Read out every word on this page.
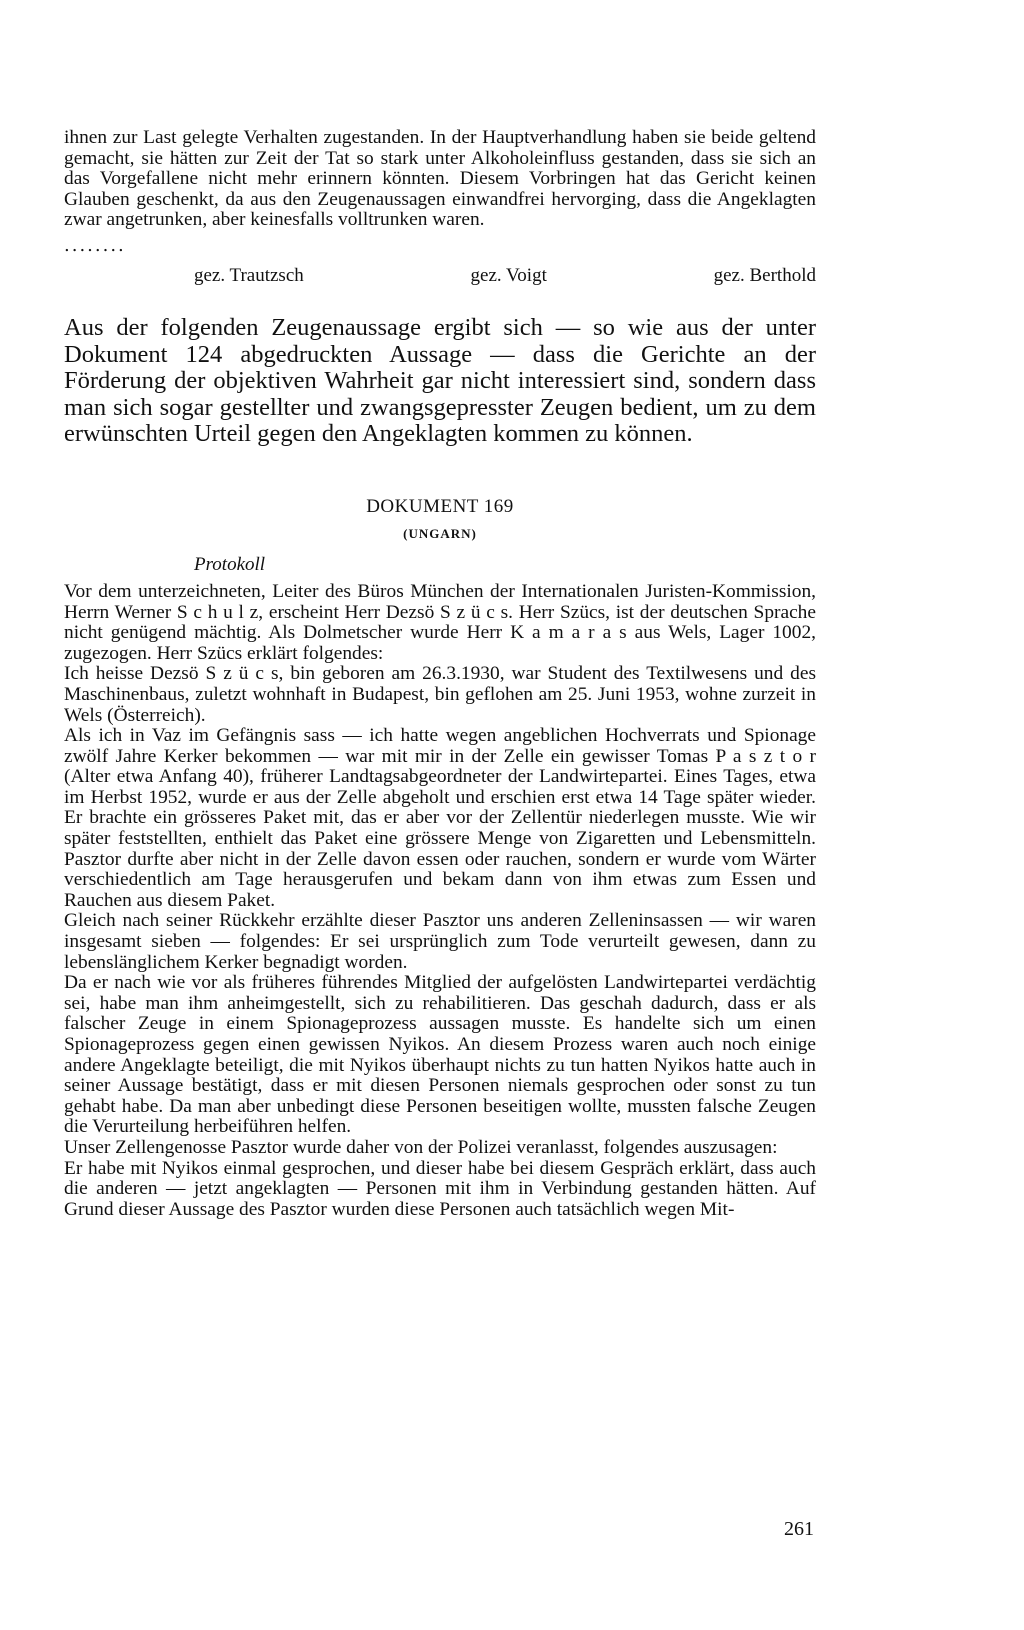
ihnen zur Last gelegte Verhalten zugestanden. In der Hauptverhandlung haben sie beide geltend gemacht, sie hätten zur Zeit der Tat so stark unter Alkoholeinfluss gestanden, dass sie sich an das Vorgefallene nicht mehr erinnern könnten. Diesem Vorbringen hat das Gericht keinen Glauben geschenkt, da aus den Zeugenaussagen einwandfrei hervorging, dass die Angeklagten zwar angetrunken, aber keinesfalls volltrunken waren.

........
gez. Trautzsch	gez. Voigt	gez. Berthold
Aus der folgenden Zeugenaussage ergibt sich — so wie aus der unter Dokument 124 abgedruckten Aussage — dass die Gerichte an der Förderung der objektiven Wahrheit gar nicht interessiert sind, sondern dass man sich sogar gestellter und zwangsgepresster Zeugen bedient, um zu dem erwünschten Urteil gegen den Angeklagten kommen zu können.
DOKUMENT 169
(UNGARN)
Protokoll

Vor dem unterzeichneten, Leiter des Büros München der Internationalen Juristen-Kommission, Herrn Werner S c h u l z, erscheint Herr Dezsö S z ü c s. Herr Szücs, ist der deutschen Sprache nicht genügend mächtig. Als Dolmetscher wurde Herr K a m a r a s aus Wels, Lager 1002, zugezogen. Herr Szücs erklärt folgendes:

Ich heisse Dezsö S z ü c s, bin geboren am 26.3.1930, war Student des Textilwesens und des Maschinenbaus, zuletzt wohnhaft in Budapest, bin geflohen am 25. Juni 1953, wohne zurzeit in Wels (Österreich).

Als ich in Vaz im Gefängnis sass — ich hatte wegen angeblichen Hochverrats und Spionage zwölf Jahre Kerker bekommen — war mit mir in der Zelle ein gewisser Tomas P a s z t o r (Alter etwa Anfang 40), früherer Landtagsabgeordneter der Landwirtepartei. Eines Tages, etwa im Herbst 1952, wurde er aus der Zelle abgeholt und erschien erst etwa 14 Tage später wieder. Er brachte ein grösseres Paket mit, das er aber vor der Zellentür niederlegen musste. Wie wir später feststellten, enthielt das Paket eine grössere Menge von Zigaretten und Lebensmitteln. Pasztor durfte aber nicht in der Zelle davon essen oder rauchen, sondern er wurde vom Wärter verschiedentlich am Tage herausgerufen und bekam dann von ihm etwas zum Essen und Rauchen aus diesem Paket.

Gleich nach seiner Rückkehr erzählte dieser Pasztor uns anderen Zelleninsassen — wir waren insgesamt sieben — folgendes: Er sei ursprünglich zum Tode verurteilt gewesen, dann zu lebenslänglichem Kerker begnadigt worden.

Da er nach wie vor als früheres führendes Mitglied der aufgelösten Landwirtepartei verdächtig sei, habe man ihm anheimgestellt, sich zu rehabilitieren. Das geschah dadurch, dass er als falscher Zeuge in einem Spionageprozess aussagen musste. Es handelte sich um einen Spionageprozess gegen einen gewissen Nyikos. An diesem Prozess waren auch noch einige andere Angeklagte beteiligt, die mit Nyikos überhaupt nichts zu tun hatten Nyikos hatte auch in seiner Aussage bestätigt, dass er mit diesen Personen niemals gesprochen oder sonst zu tun gehabt habe. Da man aber unbedingt diese Personen beseitigen wollte, mussten falsche Zeugen die Verurteilung herbeiführen helfen.

Unser Zellengenosse Pasztor wurde daher von der Polizei veranlasst, folgendes auszusagen:

Er habe mit Nyikos einmal gesprochen, und dieser habe bei diesem Gespräch erklärt, dass auch die anderen — jetzt angeklagten — Personen mit ihm in Verbindung gestanden hätten. Auf Grund dieser Aussage des Pasztor wurden diese Personen auch tatsächlich wegen Mit-

261
